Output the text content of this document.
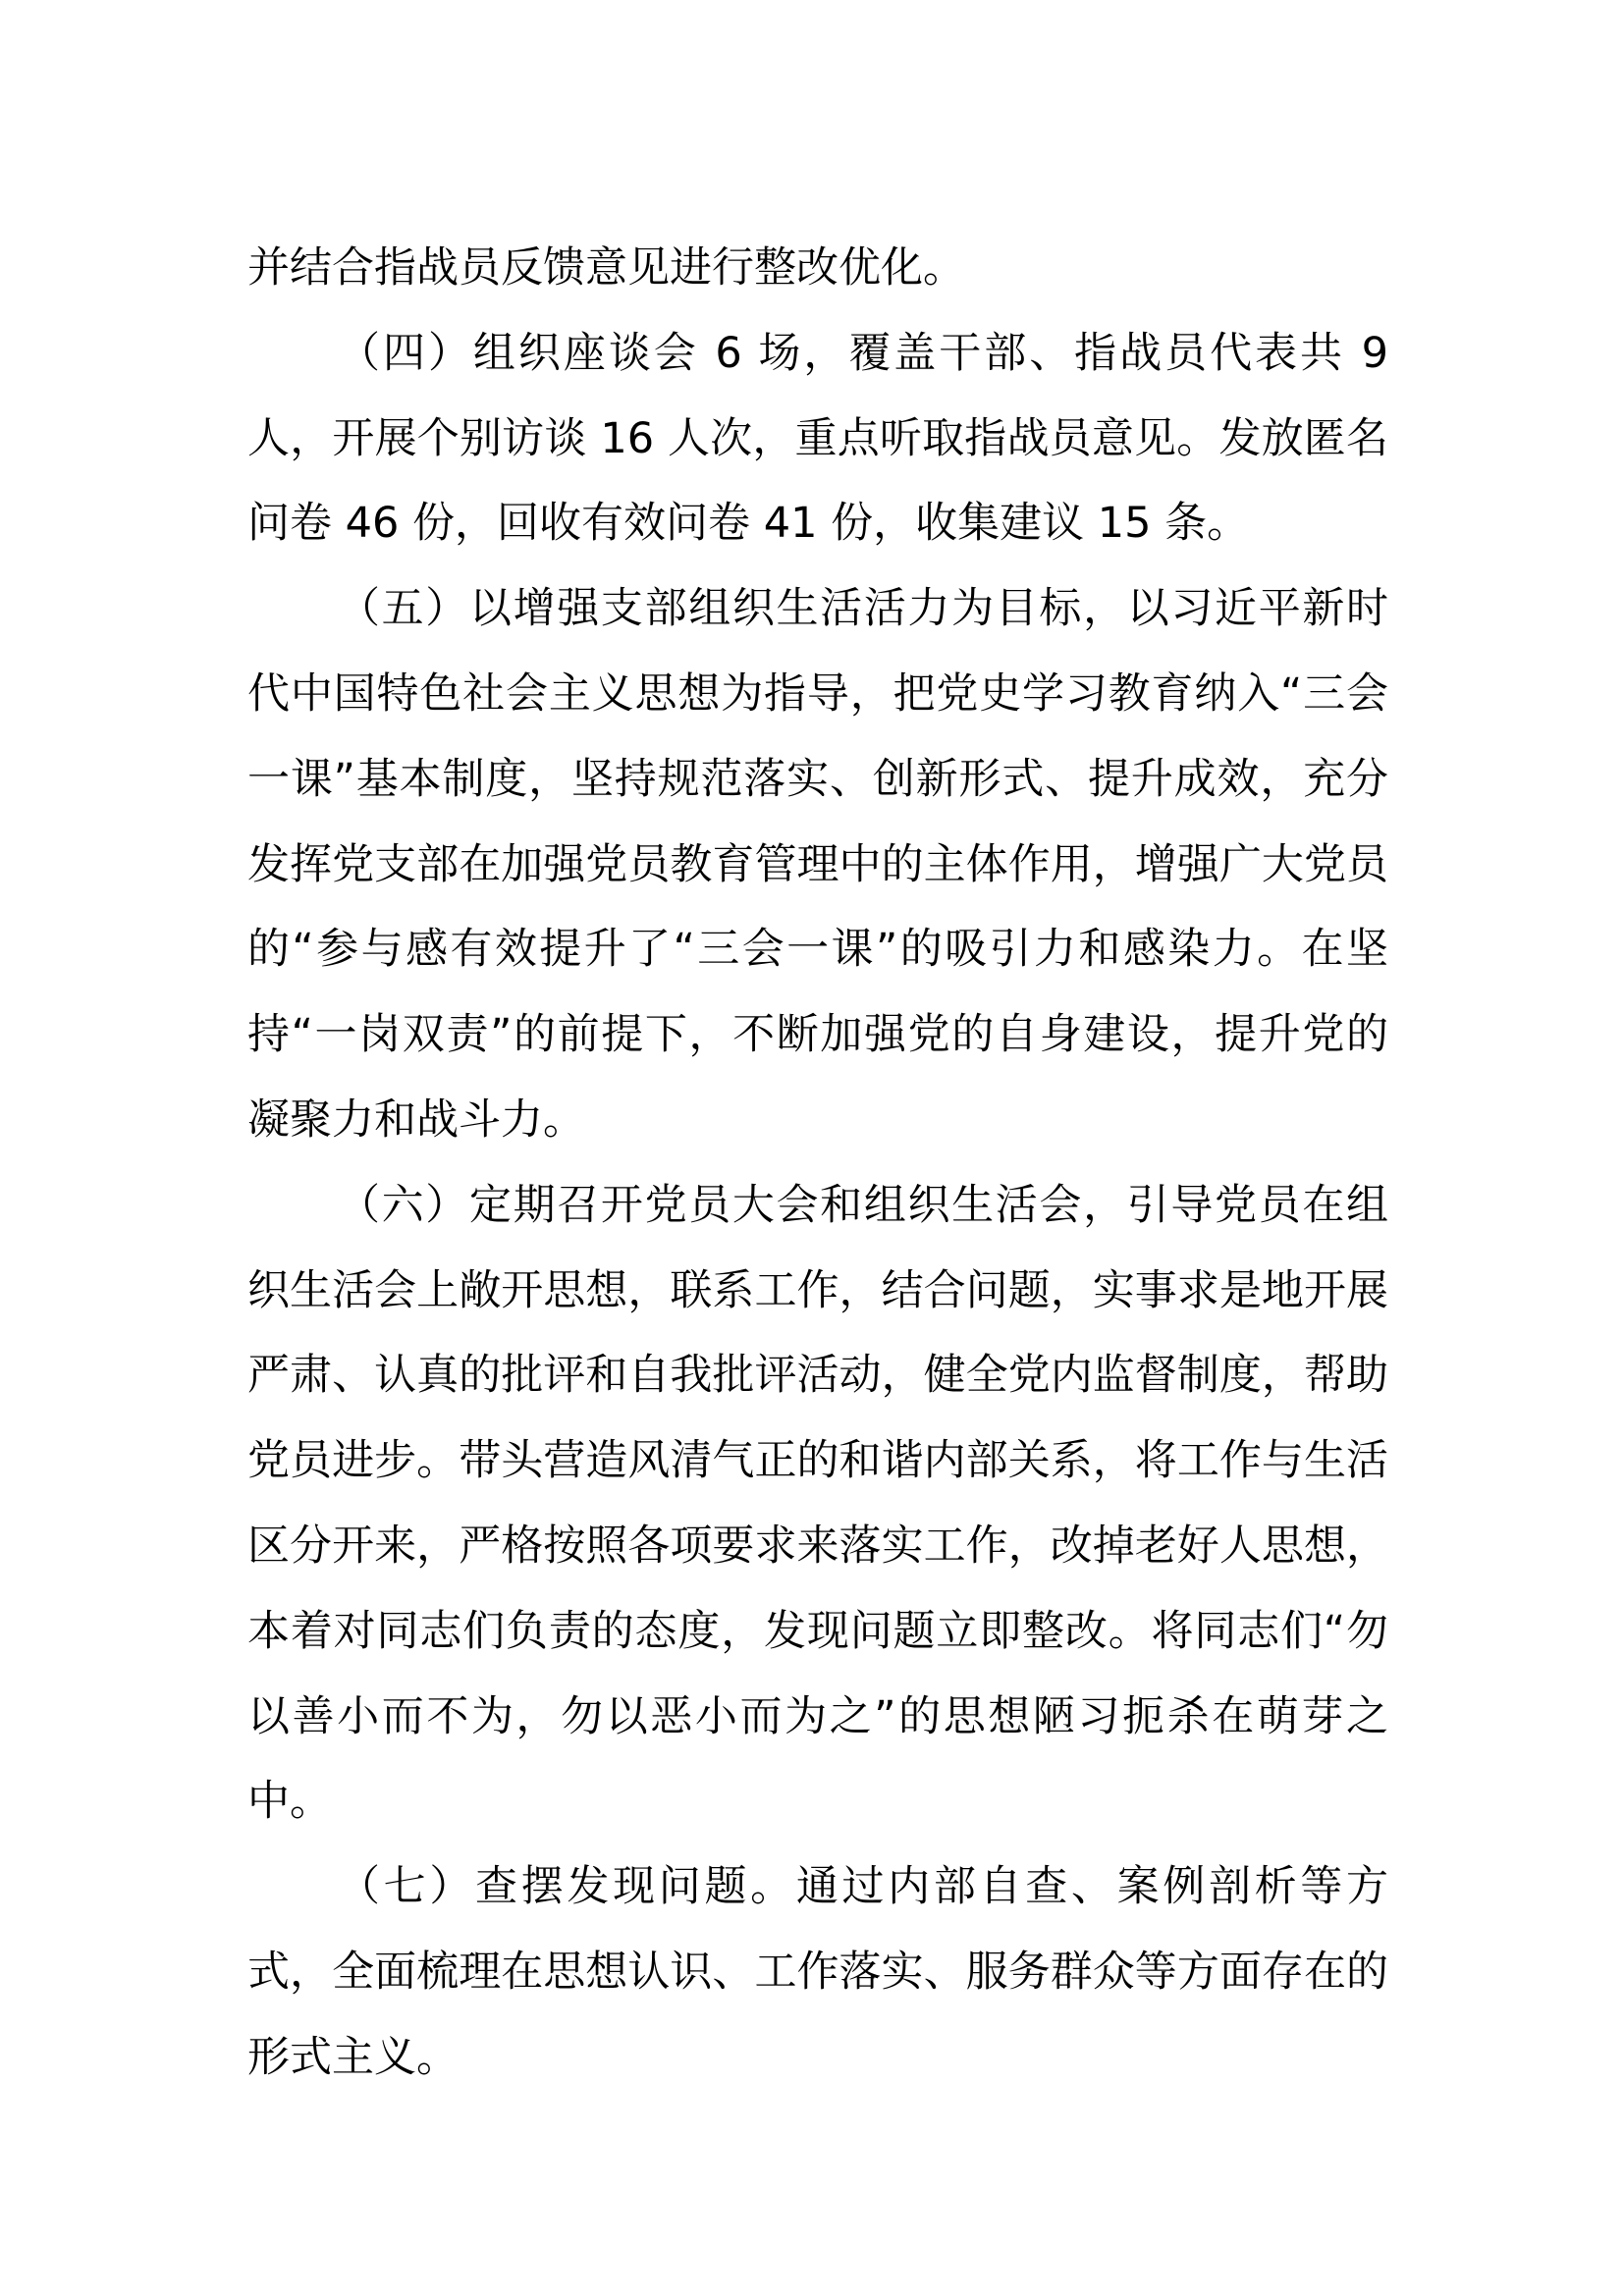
并结合指战员反馈意见进行整改优化。

（四）组织座谈会 6 场，覆盖干部、指战员代表共 9 人，开展个别访谈 16 人次，重点听取指战员意见。发放匿名问卷 46 份，回收有效问卷 41 份，收集建议 15 条。

（五）以增强支部组织生活活力为目标，以习近平新时代中国特色社会主义思想为指导，把党史学习教育纳入“三会一课”基本制度，坚持规范落实、创新形式、提升成效，充分发挥党支部在加强党员教育管理中的主体作用，增强广大党员的“参与感有效提升了“三会一课”的吸引力和感染力。在坚持“一岗双责”的前提下，不断加强党的自身建设，提升党的凝聚力和战斗力。

（六）定期召开党员大会和组织生活会，引导党员在组织生活会上敞开思想，联系工作，结合问题，实事求是地开展严肃、认真的批评和自我批评活动，健全党内监督制度，帮助党员进步。带头营造风清气正的和谐内部关系，将工作与生活区分开来，严格按照各项要求来落实工作，改掉老好人思想，本着对同志们负责的态度，发现问题立即整改。将同志们“勿以善小而不为，勿以恶小而为之”的思想陋习扼杀在萌芽之中。

（七）查摆发现问题。通过内部自查、案例剖析等方式，全面梳理在思想认识、工作落实、服务群众等方面存在的形式主义。
